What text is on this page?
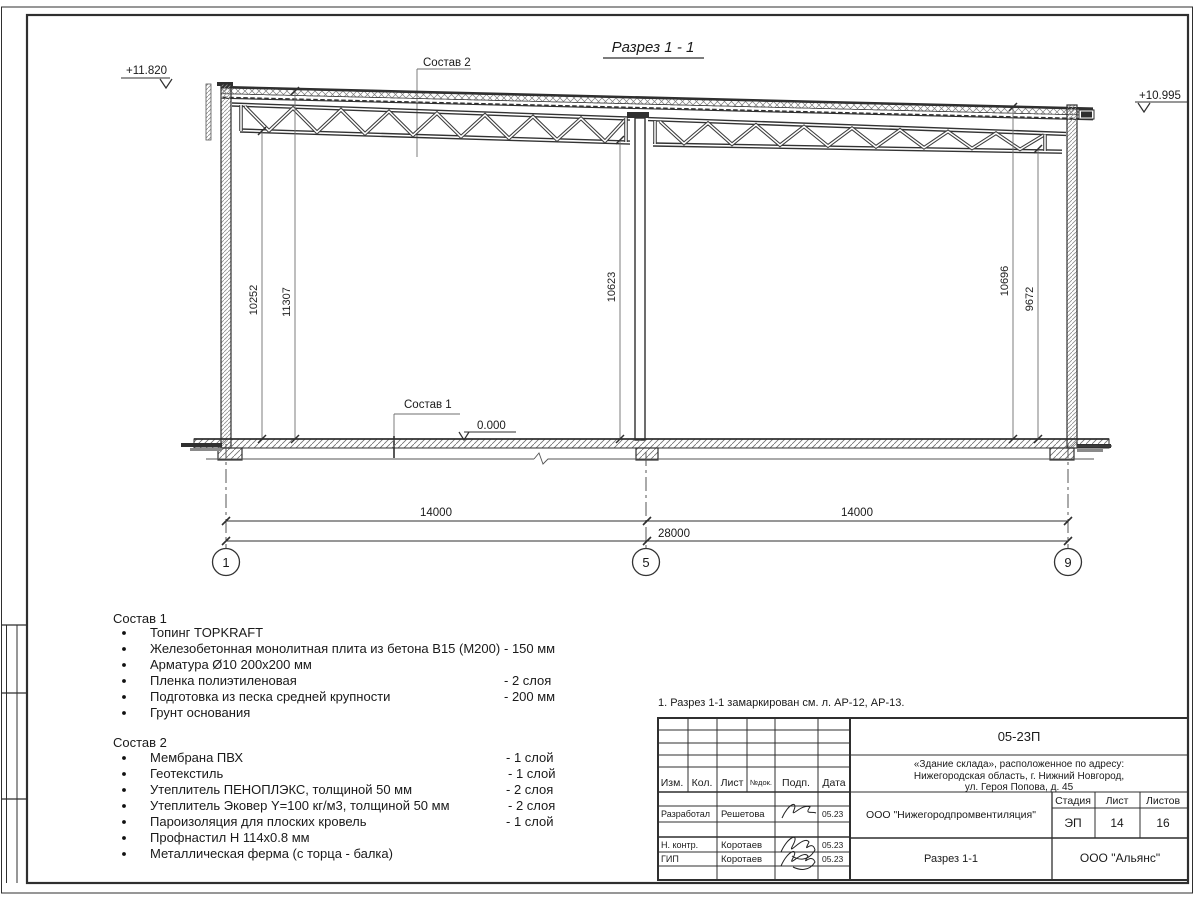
Разрез 1 - 1
+11.820
+10.995
0.000
Состав 2
Состав 1
10252 11307	10623	10696
9672
14000	14000
28000
1	5	9
Состав 1
Топинг TOPKRAFT
Железобетонная монолитная плита из бетона В15 (М200) - 150 мм
Арматура Ø10 200х200 мм
Пленка полиэтиленовая	- 2 слоя
Подготовка из песка средней крупности	- 200 мм
Грунт основания
Состав 2
Мембрана ПВХ	- 1 слой
Геотекстиль	- 1 слой
Утеплитель ПЕНОПЛЭКС, толщиной 50 мм	- 2 слоя
Утеплитель Эковер Y=100 кг/м3, толщиной 50 мм	- 2 слоя
Пароизоляция для плоских кровель	- 1 слой
Профнастил Н 114х0.8 мм
Металлическая ферма (с торца - балка)
1. Разрез 1-1 замаркирован см. л. АР-12, АР-13.
Изм. Кол. Лист №док. Подп. Дата
Разработал Решетова	05.23
Н. контр. Коротаев	05.23
ГИП	Коротаев	05.23
05-23П
«Здание склада», расположенное по адресу:
Нижегородская область, г. Нижний Новгород,
ул. Героя Попова, д. 45
ООО "Нижегородпромвентиляция"
Стадия Лист Листов
ЭП 14	16
Разрез 1-1	ООО "Альянс"
